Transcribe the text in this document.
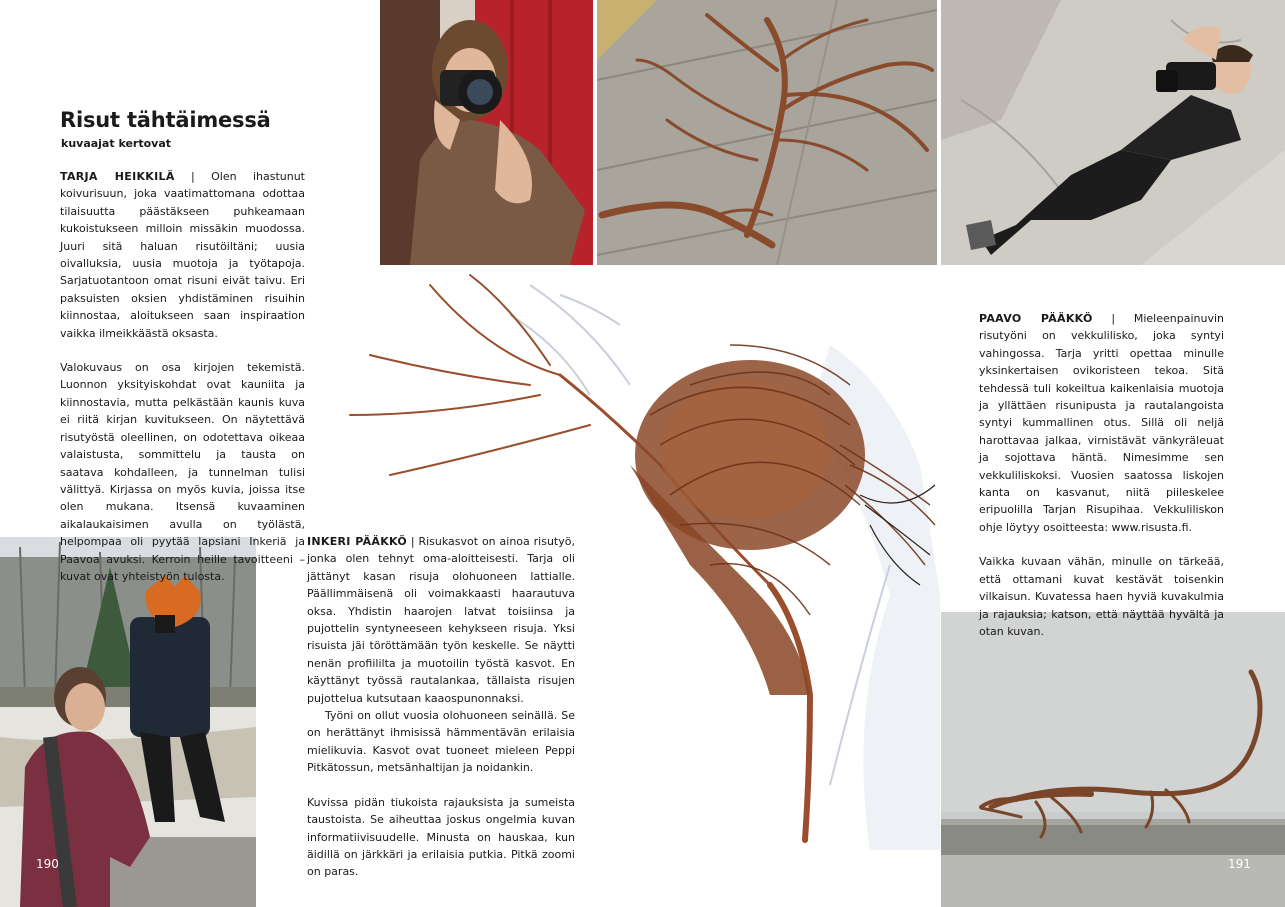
Risut tähtäimessä
kuvaajat kertovat

TARJA HEIKKILÄ | Olen ihastunut koivurisuun, joka vaatimattomana odottaa tilaisuutta päästäkseen puhkeamaan kukoistukseen milloin missäkin muodossa. Juuri sitä haluan risutöiltäni; uusia oivalluksia, uusia muotoja ja työtapoja. Sarjatuotantoon omat risuni eivät taivu. Eri paksuisten oksien yhdistäminen risuihin kiinnostaa, aloitukseen saan inspiraation vaikka ilmeikkäästä oksasta.

Valokuvaus on osa kirjojen tekemistä. Luonnon yksityiskohdat ovat kauniita ja kiinnostavia, mutta pelkästään kaunis kuva ei riitä kirjan kuvitukseen. On näytettävä risutyöstä oleellinen, on odotettava oikeaa valaistusta, sommittelu ja tausta on saatava kohdalleen, ja tunnelman tulisi välittyä. Kirjassa on myös kuvia, joissa itse olen mukana. Itsensä kuvaaminen aikalaukaisimen avulla on työlästä, helpompaa oli pyytää lapsiani Inkeriä ja Paavoa avuksi. Kerroin heille tavoitteeni – kuvat ovat yhteistyön tulosta.

INKERI PÄÄKKÖ | Risukasvot on ainoa risutyö, jonka olen tehnyt oma-aloitteisesti. Tarja oli jättänyt kasan risuja olohuoneen lattialle. Päällimmäisenä oli voimakkaasti haarautuva oksa. Yhdistin haarojen latvat toisiinsa ja pujottelin syntyneeseen kehykseen risuja. Yksi risuista jäi töröttämään työn keskelle. Se näytti nenän profiililta ja muotoilin työstä kasvot. En käyttänyt työssä rautalankaa, tällaista risujen pujottelua kutsutaan kaaospunonnaksi.

Työni on ollut vuosia olohuoneen seinällä. Se on herättänyt ihmisissä hämmentävän erilaisia mielikuvia. Kasvot ovat tuoneet mieleen Peppi Pitkätossun, metsänhaltijan ja noidankin.

Kuvissa pidän tiukoista rajauksista ja sumeista taustoista. Se aiheuttaa joskus ongelmia kuvan informatiivisuudelle. Minusta on hauskaa, kun äidillä on järkkäri ja erilaisia putkia. Pitkä zoomi on paras.

PAAVO PÄÄKKÖ | Mieleenpainuvin risutyöni on vekkulilisko, joka syntyi vahingossa. Tarja yritti opettaa minulle yksinkertaisen ovikoristeen tekoa. Sitä tehdessä tuli kokeiltua kaikenlaisia muotoja ja yllättäen risunipusta ja rautalangoista syntyi kummallinen otus. Sillä oli neljä harottavaa jalkaa, virnistävät vänkyräleuat ja sojottava häntä. Nimesimme sen vekkuliliskoksi. Vuosien saatossa liskojen kanta on kasvanut, niitä piileskelee eripuolilla Tarjan Risupihaa. Vekkuliliskon ohje löytyy osoitteesta: www.risusta.fi.

Vaikka kuvaan vähän, minulle on tärkeää, että ottamani kuvat kestävät toisenkin vilkaisun. Kuvatessa haen hyviä kuvakulmia ja rajauksia; katson, että näyttää hyvältä ja otan kuvan.

190	191
